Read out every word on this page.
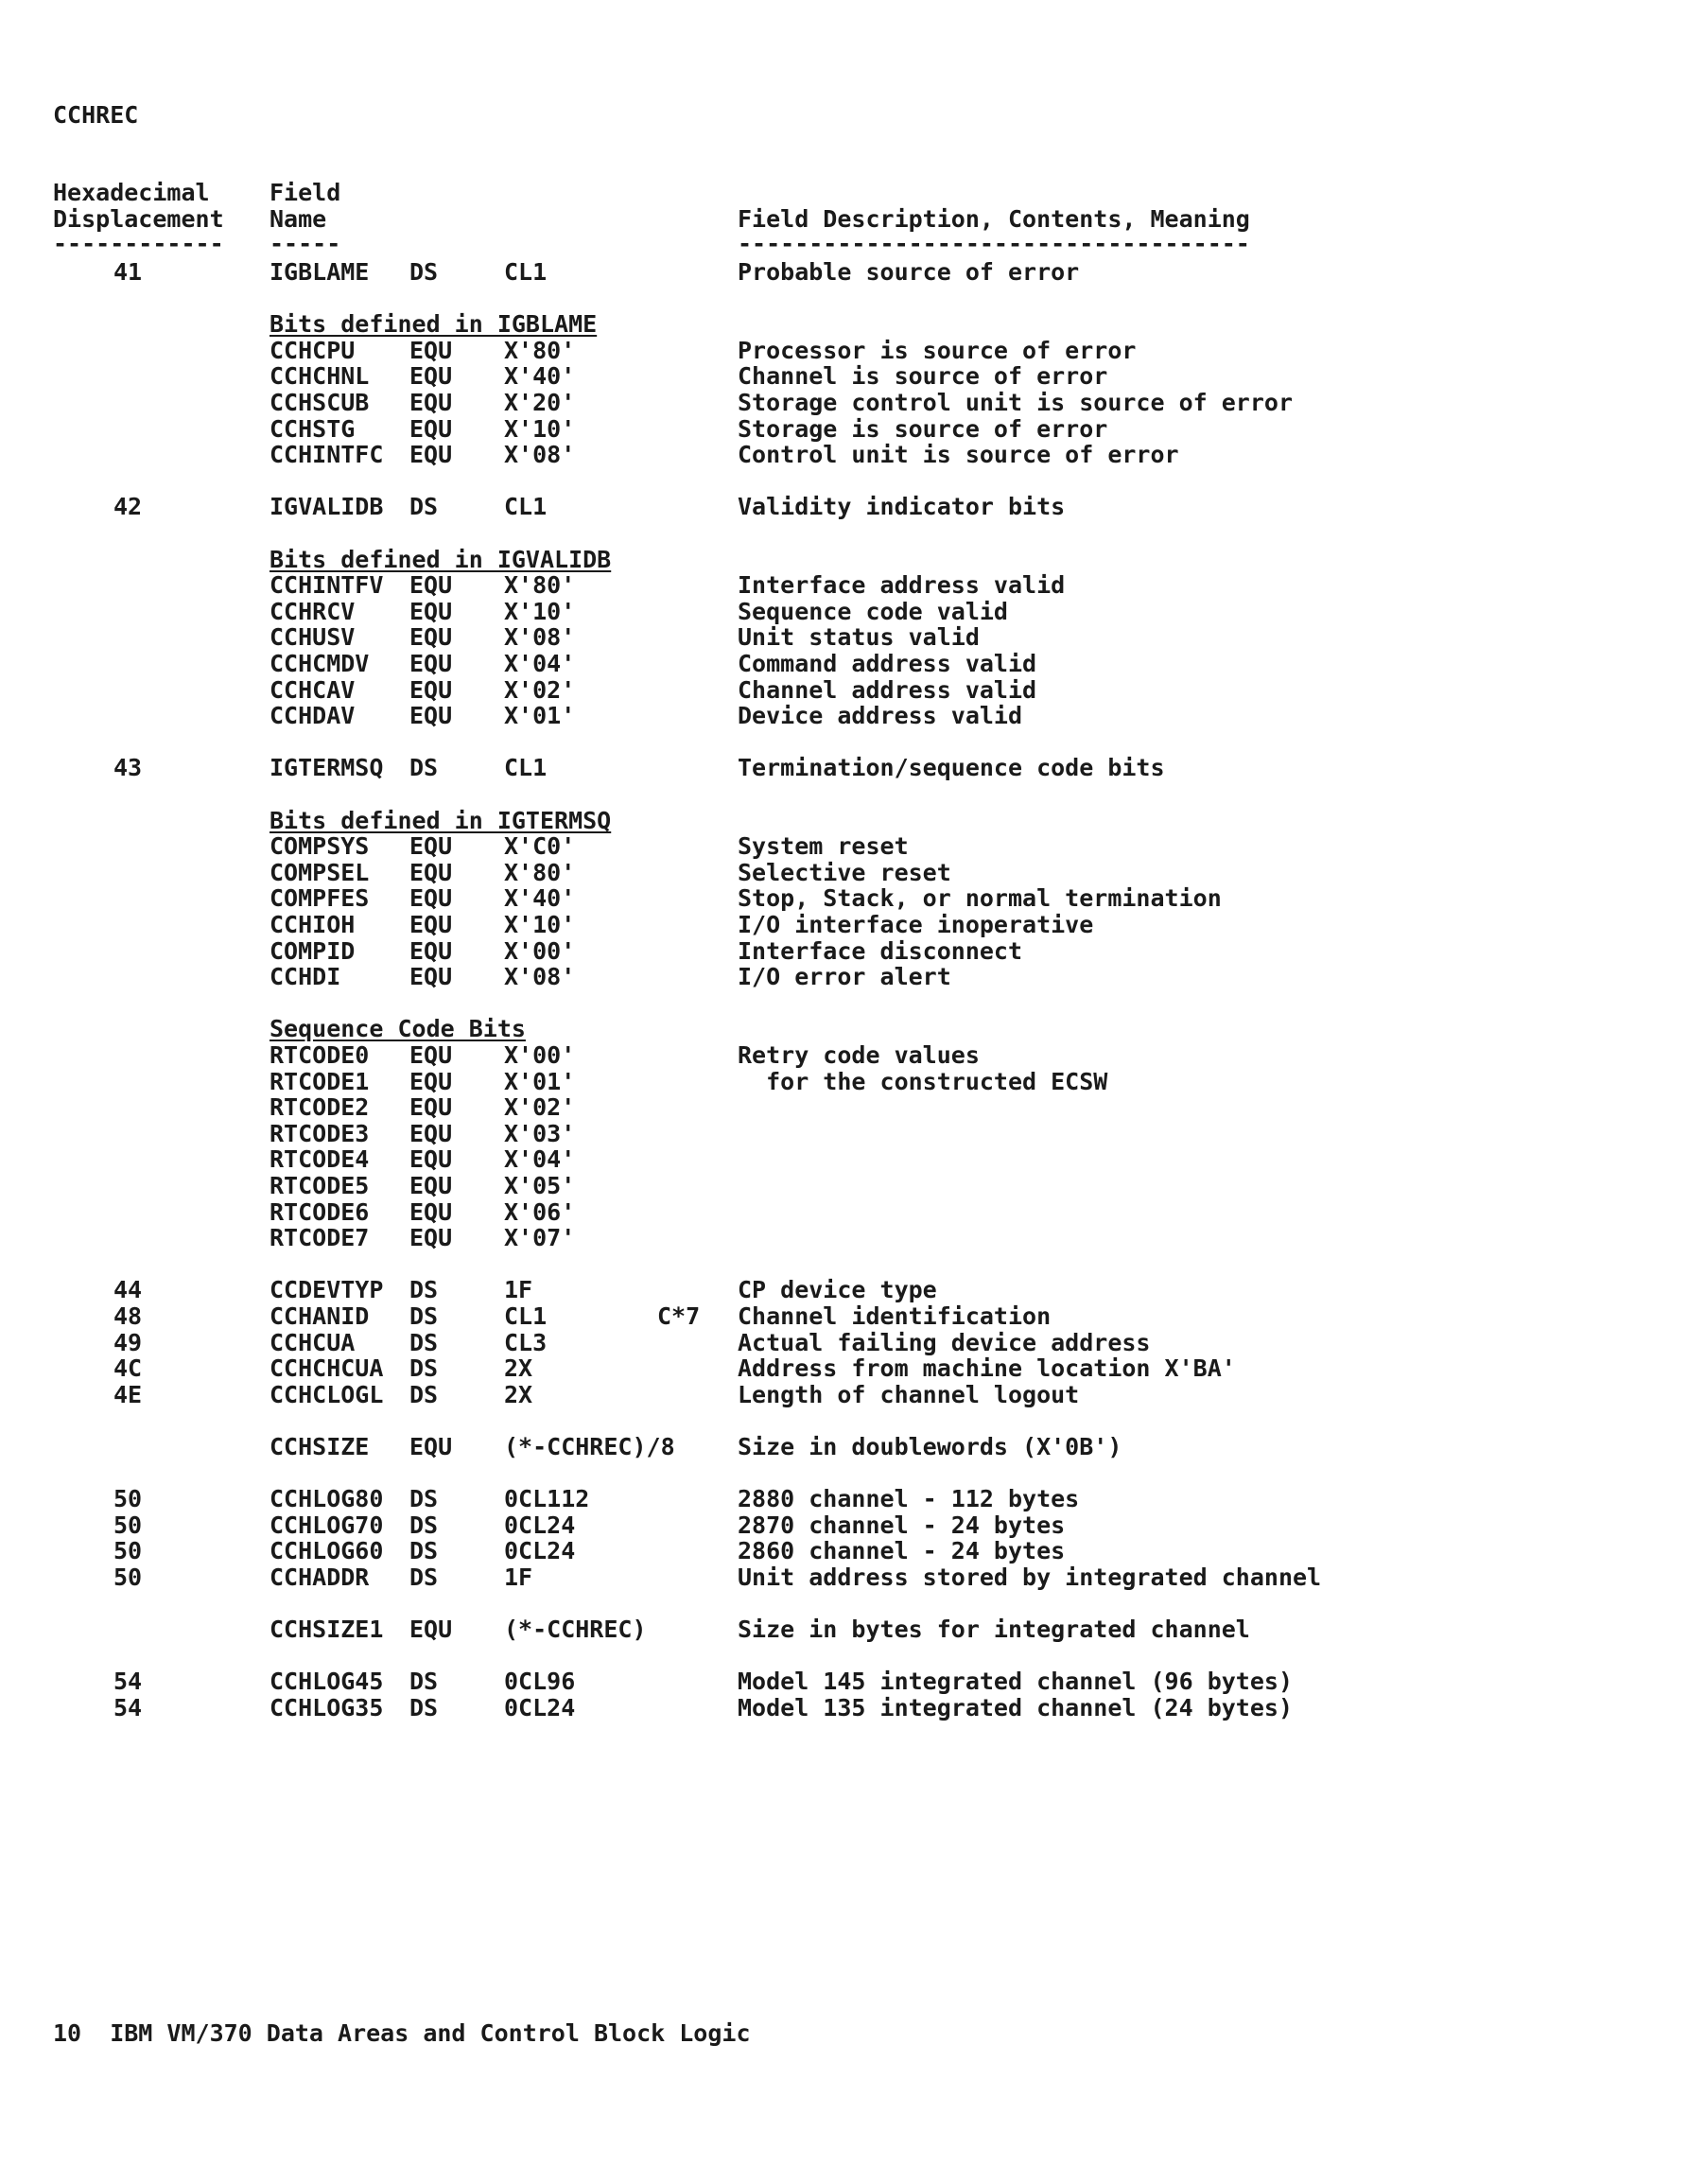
CCHREC
Hexadecimal
Displacement
Field
Name	Field Description, Contents, Meaning
------------ -----	------------------------------------
41	IGBLAME DS	CL1	Probable source of error
Bits defined in IGBLAME
CCHCPU EQU X'80'	Processor is source of error
CCHCHNL EQU X'40'	Channel is source of error
CCHSCUB EQU X'20'	Storage control unit is source of error
CCHSTG EQU X'10'	Storage is source of error
CCHINTFC EQU X'08'	Control unit is source of error
42	IGVALIDB DS	CL1	Validity indicator bits
Bits defined in IGVALIDB
CCHINTFV EQU X'80'	Interface address valid
CCHRCV EQU X'10'	Sequence code valid
CCHUSV EQU X'08'	Unit status valid
CCHCMDV EQU X'04'	Command address valid
CCHCAV EQU X'02'	Channel address valid
CCHDAV EQU X'01'	Device address valid
43	IGTERMSQ DS	CL1	Termination/sequence code bits
Bits defined in IGTERMSQ
COMPSYS EQU X'C0'	System reset
COMPSEL EQU X'80'	Selective reset
COMPFES EQU X'40'	Stop, Stack, or normal termination
CCHIOH EQU X'10'	I/O interface inoperative
COMPID EQU X'00'	Interface disconnect
CCHDI	EQU X'08'	I/O error alert
Sequence Code Bits
RTCODE0 EQU X'00'	Retry code values
RTCODE1 EQU X'01'	for the constructed ECSW
RTCODE2 EQU X'02'
RTCODE3 EQU X'03'
RTCODE4 EQU X'04'
RTCODE5 EQU X'05'
RTCODE6 EQU X'06'
RTCODE7 EQU X'07'
44	CCDEVTYP DS	1F	CP device type
48	CCHANID DS	CL1	C*7 Channel identification
49	CCHCUA DS	CL3	Actual failing device address
4C	CCHCHCUA DS	2X	Address from machine location X'BA'
4E	CCHCLOGL DS	2X	Length of channel logout
CCHSIZE EQU (*-CCHREC)/8	Size in doublewords (X'0B')
50	CCHLOG80 DS	0CL112	2880 channel - 112 bytes
50	CCHLOG70 DS	0CL24	2870 channel - 24 bytes
50	CCHLOG60 DS	0CL24	2860 channel - 24 bytes
50	CCHADDR DS	1F	Unit address stored by integrated channel
CCHSIZE1 EQU (*-CCHREC)	Size in bytes for integrated channel
54	CCHLOG45 DS	0CL96	Model 145 integrated channel (96 bytes)
54	CCHLOG35 DS	0CL24	Model 135 integrated channel (24 bytes)
10  IBM VM/370 Data Areas and Control Block Logic
